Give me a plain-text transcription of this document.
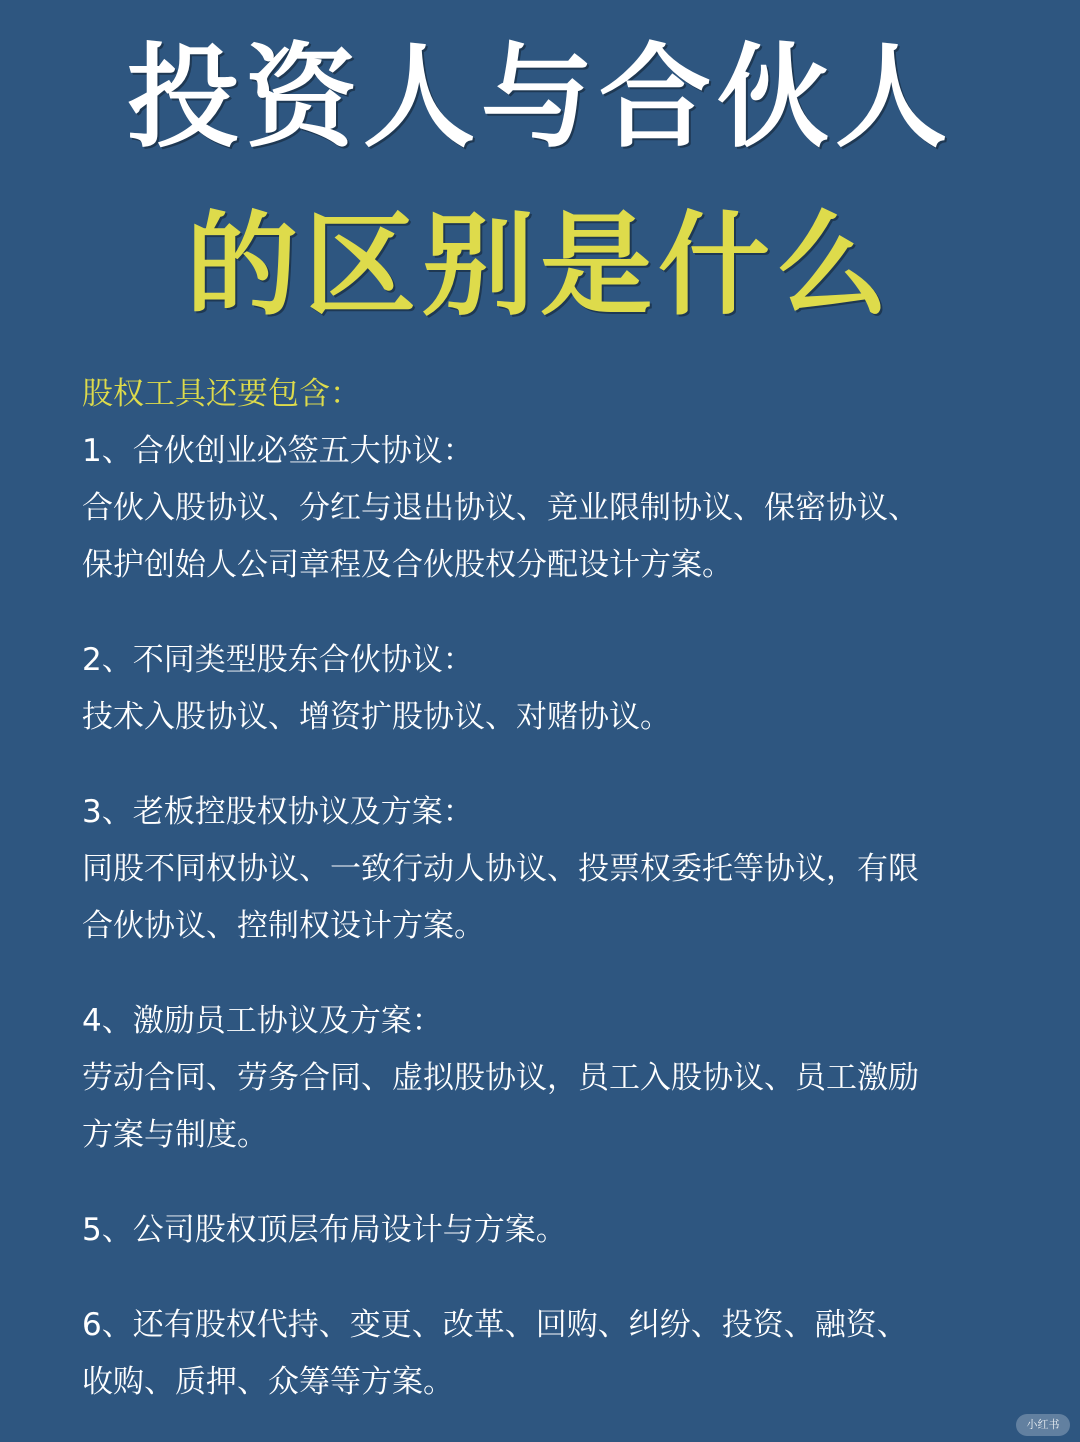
投资人与合伙人
的区别是什么
股权工具还要包含：
1、合伙创业必签五大协议：
合伙入股协议、分红与退出协议、竞业限制协议、保密协议、
保护创始人公司章程及合伙股权分配设计方案。
2、不同类型股东合伙协议：
技术入股协议、增资扩股协议、对赌协议。
3、老板控股权协议及方案：
同股不同权协议、一致行动人协议、投票权委托等协议，有限
合伙协议、控制权设计方案。
4、激励员工协议及方案：
劳动合同、劳务合同、虚拟股协议，员工入股协议、员工激励
方案与制度。
5、公司股权顶层布局设计与方案。
6、还有股权代持、变更、改革、回购、纠纷、投资、融资、
收购、质押、众筹等方案。
小红书
